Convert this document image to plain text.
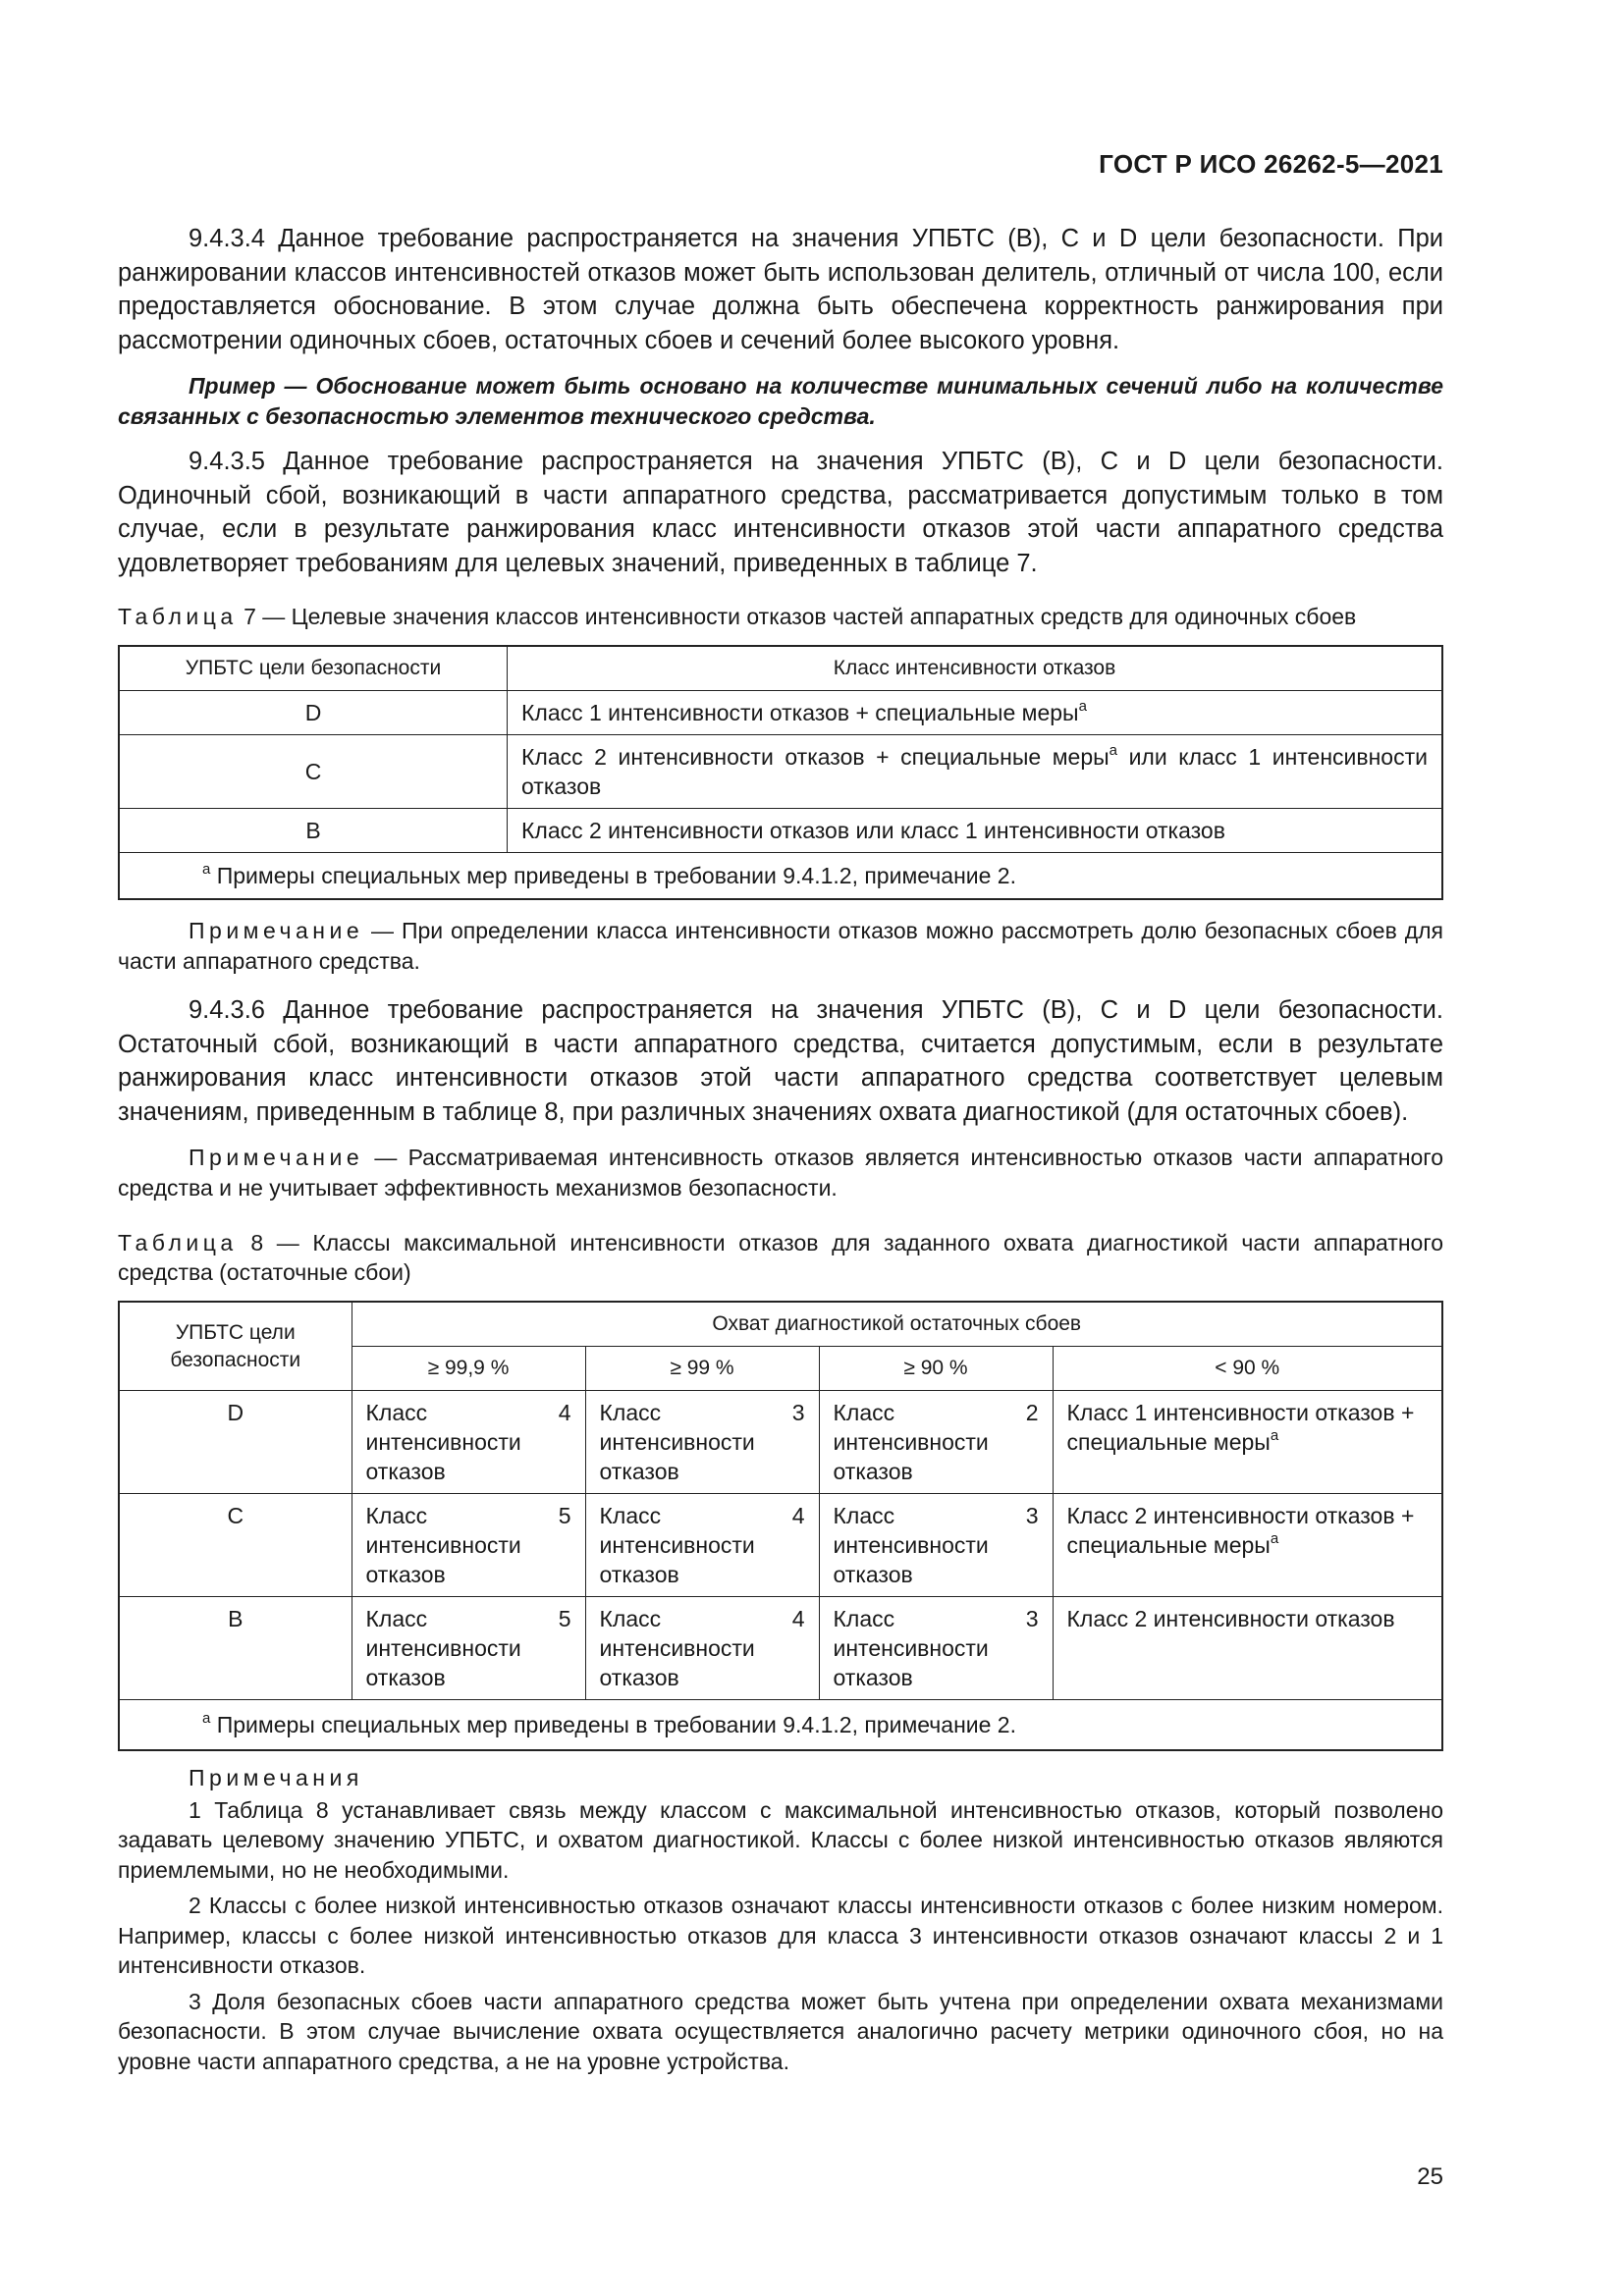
ГОСТ Р ИСО 26262-5—2021

9.4.3.4 Данное требование распространяется на значения УПБТС (В), С и D цели безопасности. При ранжировании классов интенсивностей отказов может быть использован делитель, отличный от числа 100, если предоставляется обоснование. В этом случае должна быть обеспечена корректность ранжирования при рассмотрении одиночных сбоев, остаточных сбоев и сечений более высокого уровня.

Пример — Обоснование может быть основано на количестве минимальных сечений либо на количестве связанных с безопасностью элементов технического средства.

9.4.3.5 Данное требование распространяется на значения УПБТС (В), С и D цели безопасности. Одиночный сбой, возникающий в части аппаратного средства, рассматривается допустимым только в том случае, если в результате ранжирования класс интенсивности отказов этой части аппаратного средства удовлетворяет требованиям для целевых значений, приведенных в таблице 7.

Таблица 7 — Целевые значения классов интенсивности отказов частей аппаратных средств для одиночных сбоев

УПБТС цели безопасности	Класс интенсивности отказов
D	Класс 1 интенсивности отказов + специальные меры$^a$
C	Класс 2 интенсивности отказов + специальные меры$^a$ или класс 1 интенсивности отказов
B	Класс 2 интенсивности отказов или класс 1 интенсивности отказов
$^a$ Примеры специальных мер приведены в требовании 9.4.1.2, примечание 2.	

Примечание — При определении класса интенсивности отказов можно рассмотреть долю безопасных сбоев для части аппаратного средства.

9.4.3.6 Данное требование распространяется на значения УПБТС (В), С и D цели безопасности. Остаточный сбой, возникающий в части аппаратного средства, считается допустимым, если в результате ранжирования класс интенсивности отказов этой части аппаратного средства соответствует целевым значениям, приведенным в таблице 8, при различных значениях охвата диагностикой (для остаточных сбоев).

Примечание — Рассматриваемая интенсивность отказов является интенсивностью отказов части аппаратного средства и не учитывает эффективность механизмов безопасности.

Таблица 8 — Классы максимальной интенсивности отказов для заданного охвата диагностикой части аппаратного средства (остаточные сбои)

УПБТС цели безопасности	Охват диагностикой остаточных сбоев			
	≥ 99,9 %	≥ 99 %	≥ 90 %	< 90 %
D	Класс 4 интенсивности отказов	Класс 3 интенсивности отказов	Класс 2 интенсивности отказов	Класс 1 интенсивности отказов + специальные меры$^a$
C	Класс 5 интенсивности отказов	Класс 4 интенсивности отказов	Класс 3 интенсивности отказов	Класс 2 интенсивности отказов + специальные меры$^a$
B	Класс 5 интенсивности отказов	Класс 4 интенсивности отказов	Класс 3 интенсивности отказов	Класс 2 интенсивности отказов
$^a$ Примеры специальных мер приведены в требовании 9.4.1.2, примечание 2.				

Примечания

1 Таблица 8 устанавливает связь между классом с максимальной интенсивностью отказов, который позволено задавать целевому значению УПБТС, и охватом диагностикой. Классы с более низкой интенсивностью отказов являются приемлемыми, но не необходимыми.

2 Классы с более низкой интенсивностью отказов означают классы интенсивности отказов с более низким номером. Например, классы с более низкой интенсивностью отказов для класса 3 интенсивности отказов означают классы 2 и 1 интенсивности отказов.

3 Доля безопасных сбоев части аппаратного средства может быть учтена при определении охвата механизмами безопасности. В этом случае вычисление охвата осуществляется аналогично расчету метрики одиночного сбоя, но на уровне части аппаратного средства, а не на уровне устройства.

25
